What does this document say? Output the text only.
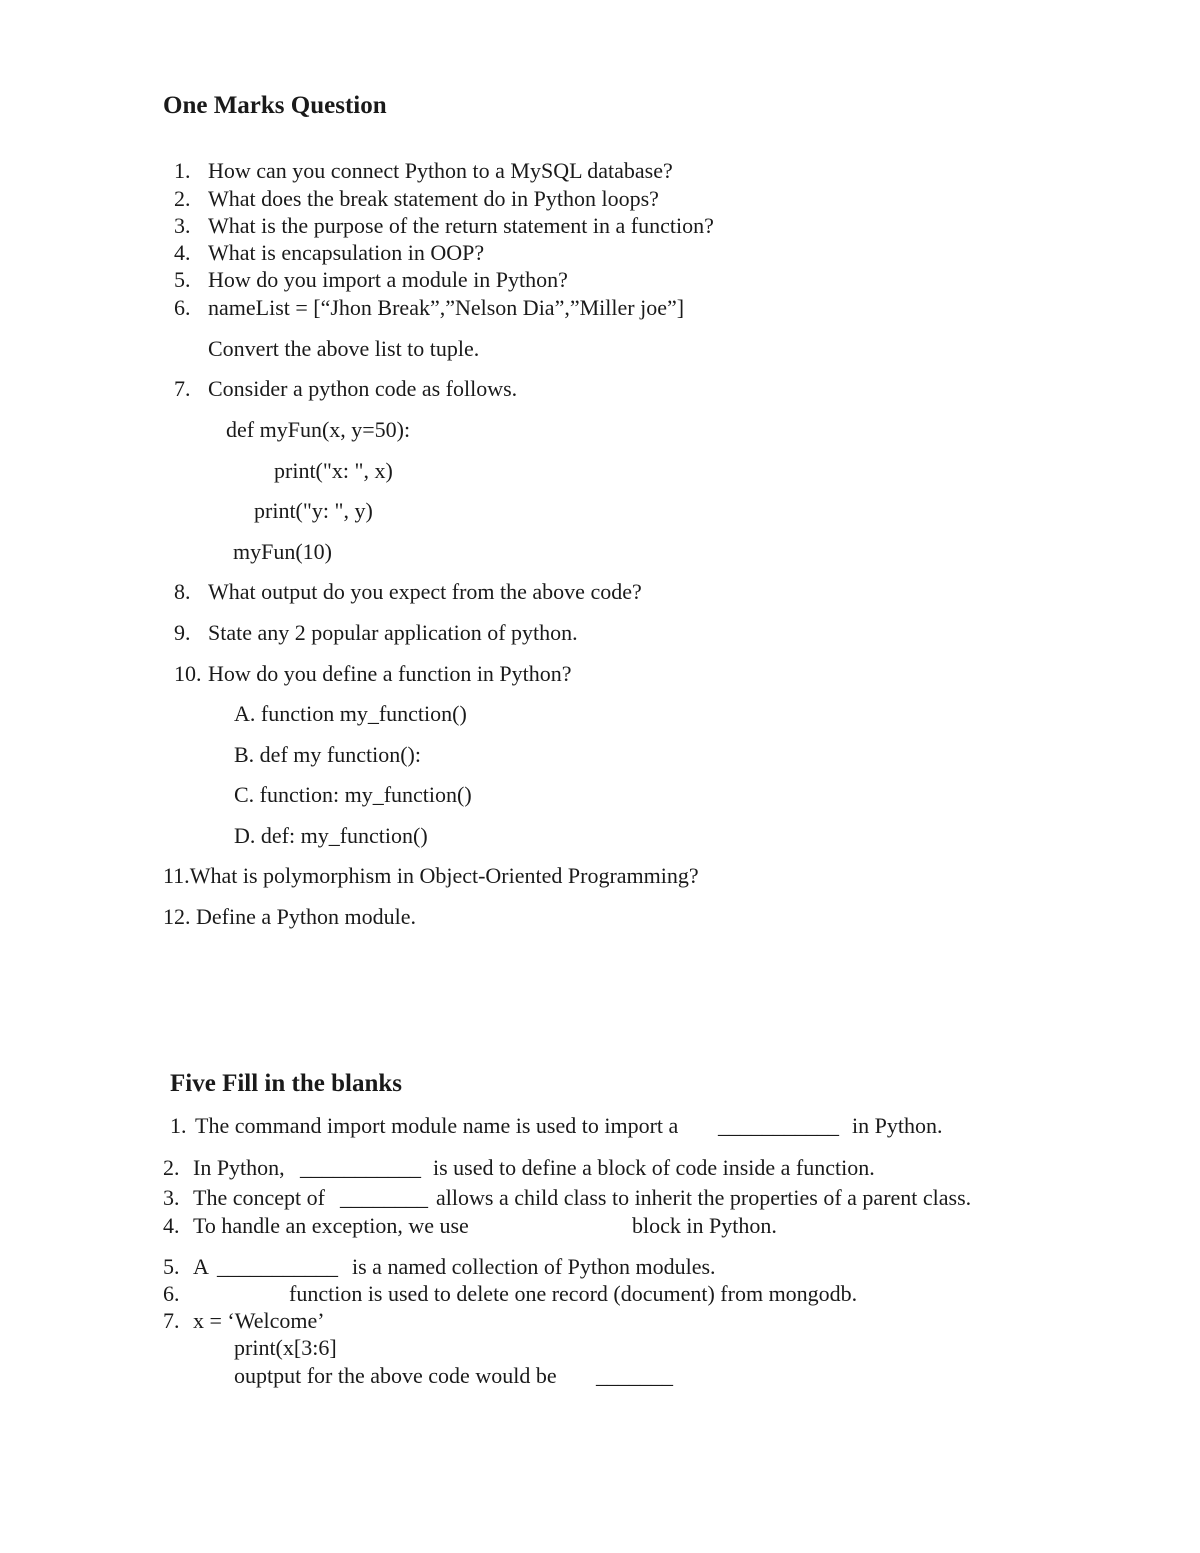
One Marks Question
1. How can you connect Python to a MySQL database?
2. What does the break statement do in Python loops?
3. What is the purpose of the return statement in a function?
4. What is encapsulation in OOP?
5. How do you import a module in Python?
6. nameList = [“Jhon Break”,”Nelson Dia”,”Miller joe”]
Convert the above list to tuple.
7. Consider a python code as follows.
def myFun(x, y=50):
print("x: ", x)
print("y: ", y)
myFun(10)
8. What output do you expect from the above code?
9. State any 2 popular application of python.
10. How do you define a function in Python?
A. function my_function()
B. def my function():
C. function: my_function()
D. def: my_function()
11.What is polymorphism in Object-Oriented Programming?
12. Define a Python module.
Five Fill in the blanks
1. The command import module name is used to import a ___________ in Python.
2. In Python, ___________ is used to define a block of code inside a function.
3. The concept of ________ allows a child class to inherit the properties of a parent class.
4. To handle an exception, we use	block in Python.
5. A ___________ is a named collection of Python modules.
6.	function is used to delete one record (document) from mongodb.
7. x = ‘Welcome’
print(x[3:6]
ouptput for the above code would be _______
